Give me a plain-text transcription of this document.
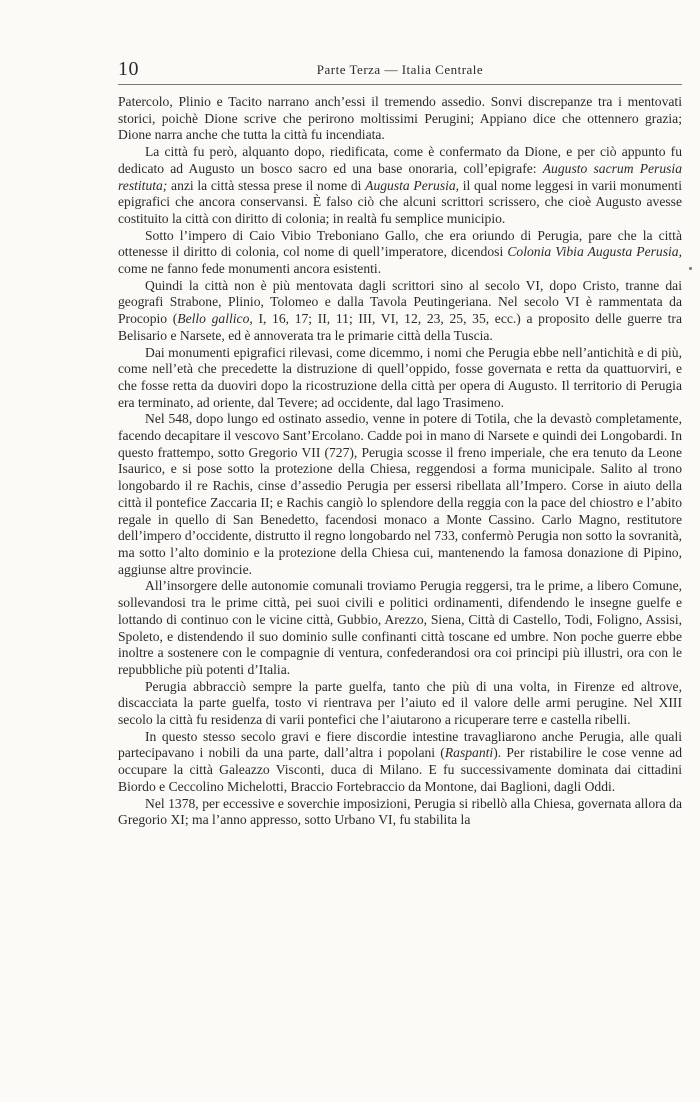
10	Parte Terza — Italia Centrale

Patercolo, Plinio e Tacito narrano anch’essi il tremendo assedio. Sonvi discrepanze tra i mentovati storici, poichè Dione scrive che perirono moltissimi Perugini; Appiano dice che ottennero grazia; Dione narra anche che tutta la città fu incendiata.

La città fu però, alquanto dopo, riedificata, come è confermato da Dione, e per ciò appunto fu dedicato ad Augusto un bosco sacro ed una base onoraria, coll’epigrafe: Augusto sacrum Perusia restituta; anzi la città stessa prese il nome di Augusta Perusia, il qual nome leggesi in varii monumenti epigrafici che ancora conservansi. È falso ciò che alcuni scrittori scrissero, che cioè Augusto avesse costituito la città con diritto di colonia; in realtà fu semplice municipio.

Sotto l’impero di Caio Vibio Treboniano Gallo, che era oriundo di Perugia, pare che la città ottenesse il diritto di colonia, col nome di quell’imperatore, dicendosi Colonia Vibia Augusta Perusia, come ne fanno fede monumenti ancora esistenti.

Quindi la città non è più mentovata dagli scrittori sino al secolo VI, dopo Cristo, tranne dai geografi Strabone, Plinio, Tolomeo e dalla Tavola Peutingeriana. Nel secolo VI è rammentata da Procopio (Bello gallico, I, 16, 17; II, 11; III, VI, 12, 23, 25, 35, ecc.) a proposito delle guerre tra Belisario e Narsete, ed è annoverata tra le primarie città della Tuscia.

Dai monumenti epigrafici rilevasi, come dicemmo, i nomi che Perugia ebbe nell’antichità e di più, come nell’età che precedette la distruzione di quell’oppido, fosse governata e retta da quattuorviri, e che fosse retta da duoviri dopo la ricostruzione della città per opera di Augusto. Il territorio di Perugia era terminato, ad oriente, dal Tevere; ad occidente, dal lago Trasimeno.

Nel 548, dopo lungo ed ostinato assedio, venne in potere di Totila, che la devastò completamente, facendo decapitare il vescovo Sant’Ercolano. Cadde poi in mano di Narsete e quindi dei Longobardi. In questo frattempo, sotto Gregorio VII (727), Perugia scosse il freno imperiale, che era tenuto da Leone Isaurico, e si pose sotto la protezione della Chiesa, reggendosi a forma municipale. Salito al trono longobardo il re Rachis, cinse d’assedio Perugia per essersi ribellata all’Impero. Corse in aiuto della città il pontefice Zaccaria II; e Rachis cangiò lo splendore della reggia con la pace del chiostro e l’abito regale in quello di San Benedetto, facendosi monaco a Monte Cassino. Carlo Magno, restitutore dell’impero d’occidente, distrutto il regno longobardo nel 733, confermò Perugia non sotto la sovranità, ma sotto l’alto dominio e la protezione della Chiesa cui, mantenendo la famosa donazione di Pipino, aggiunse altre provincie.

All’insorgere delle autonomie comunali troviamo Perugia reggersi, tra le prime, a libero Comune, sollevandosi tra le prime città, pei suoi civili e politici ordinamenti, difendendo le insegne guelfe e lottando di continuo con le vicine città, Gubbio, Arezzo, Siena, Città di Castello, Todi, Foligno, Assisi, Spoleto, e distendendo il suo dominio sulle confinanti città toscane ed umbre. Non poche guerre ebbe inoltre a sostenere con le compagnie di ventura, confederandosi ora coi principi più illustri, ora con le repubbliche più potenti d’Italia.

Perugia abbracciò sempre la parte guelfa, tanto che più di una volta, in Firenze ed altrove, discacciata la parte guelfa, tosto vi rientrava per l’aiuto ed il valore delle armi perugine. Nel XIII secolo la città fu residenza di varii pontefici che l’aiutarono a ricuperare terre e castella ribelli.

In questo stesso secolo gravi e fiere discordie intestine travagliarono anche Perugia, alle quali partecipavano i nobili da una parte, dall’altra i popolani (Raspanti). Per ristabilire le cose venne ad occupare la città Galeazzo Visconti, duca di Milano. E fu successivamente dominata dai cittadini Biordo e Ceccolino Michelotti, Braccio Fortebraccio da Montone, dai Baglioni, dagli Oddi.

Nel 1378, per eccessive e soverchie imposizioni, Perugia si ribellò alla Chiesa, governata allora da Gregorio XI; ma l’anno appresso, sotto Urbano VI, fu stabilita la
